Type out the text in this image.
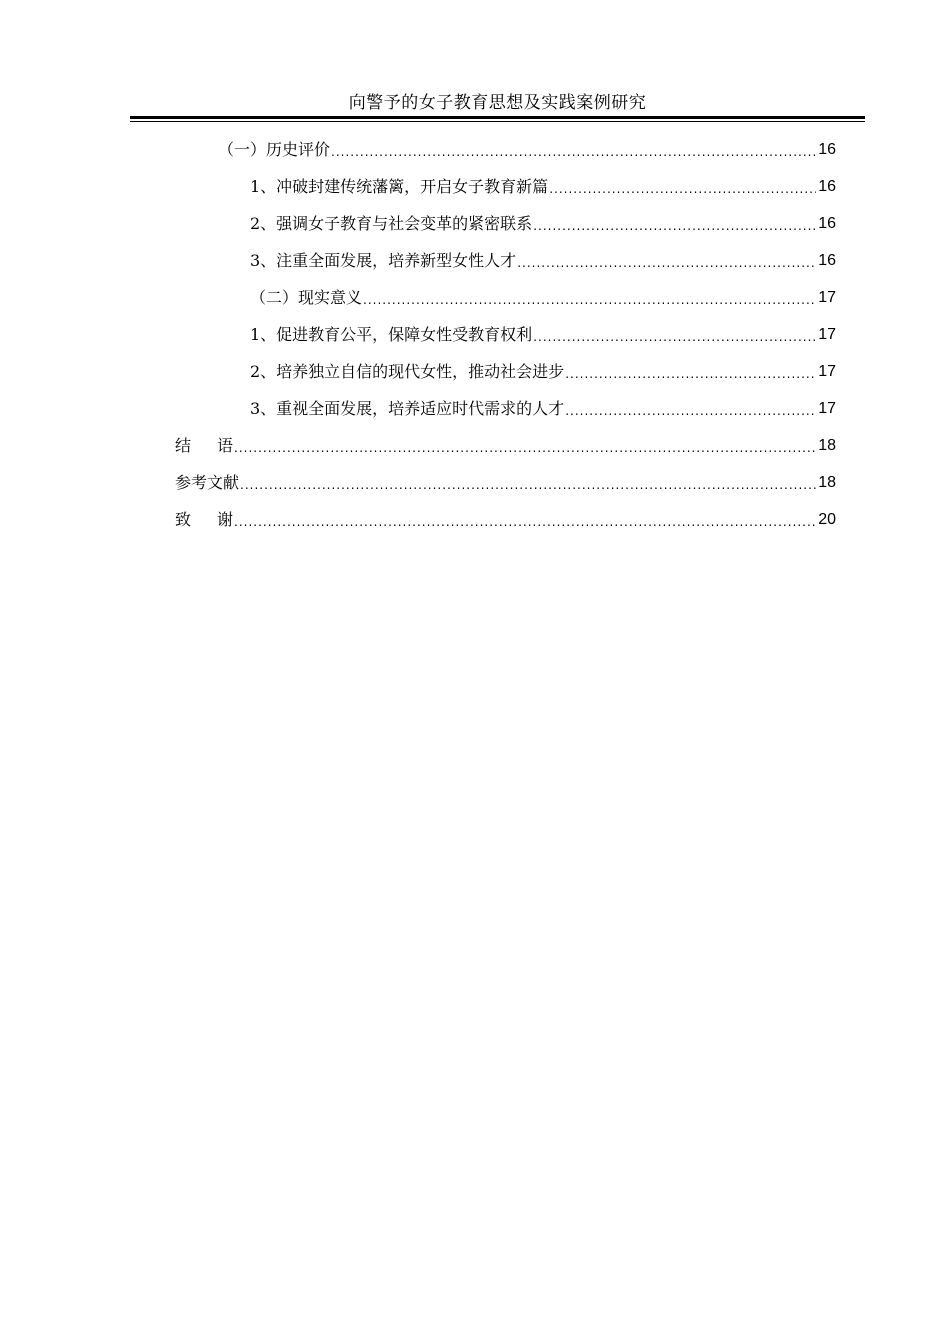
向警予的女子教育思想及实践案例研究
（一）历史评价 .....	16
1、冲破封建传统藩篱，开启女子教育新篇 .....	16
2、强调女子教育与社会变革的紧密联系 .....	16
3、注重全面发展，培养新型女性人才 .....	16
（二）现实意义 .....	17
1、促进教育公平，保障女性受教育权利 .....	17
2、培养独立自信的现代女性，推动社会进步 .....	17
3、重视全面发展，培养适应时代需求的人才 .....	17
结 语 .....	18
参考文献 .....	18
致 谢 .....	20
